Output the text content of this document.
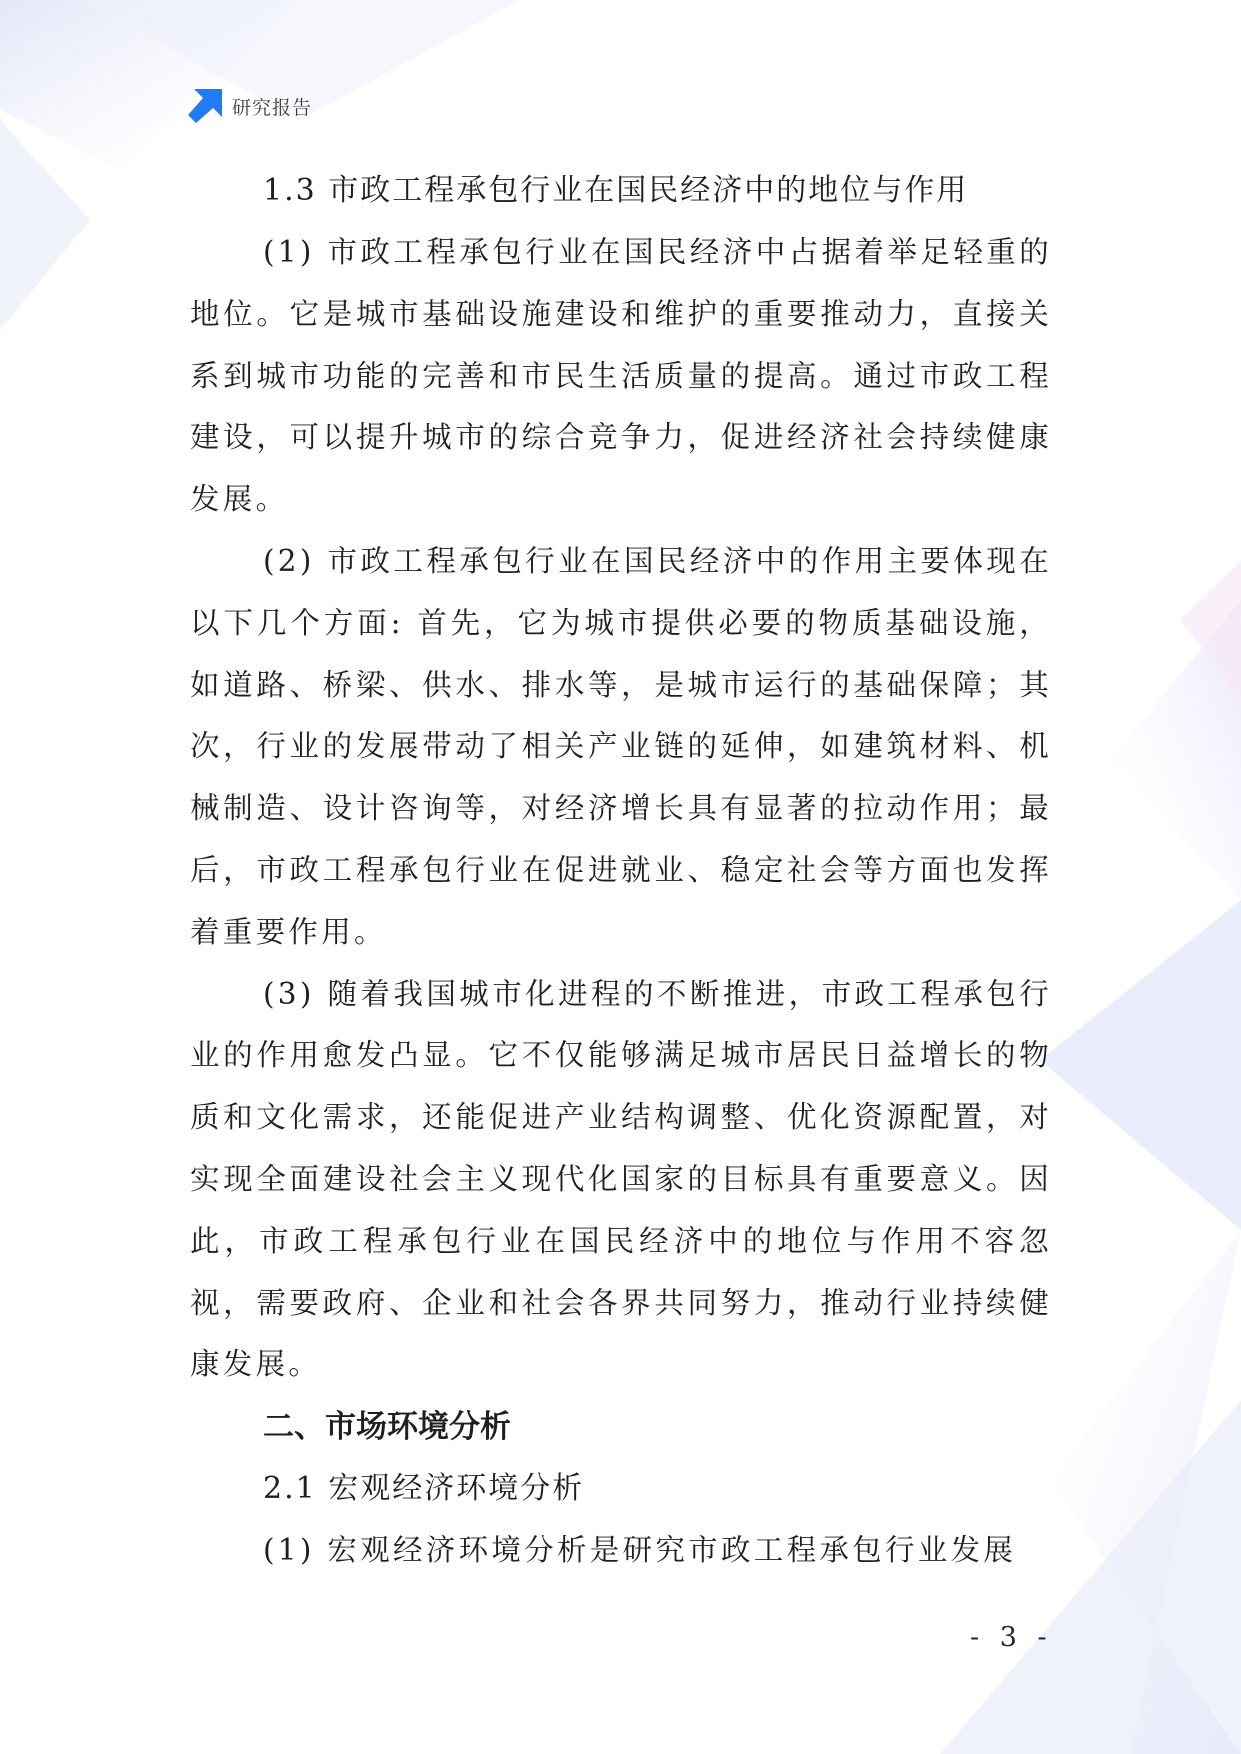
研究报告
1.3 市政工程承包行业在国民经济中的地位与作用

(1) 市政工程承包行业在国民经济中占据着举足轻重的地位。它是城市基础设施建设和维护的重要推动力，直接关系到城市功能的完善和市民生活质量的提高。通过市政工程建设，可以提升城市的综合竞争力，促进经济社会持续健康发展。

(2) 市政工程承包行业在国民经济中的作用主要体现在以下几个方面: 首先，它为城市提供必要的物质基础设施，如道路、桥梁、供水、排水等，是城市运行的基础保障；其次，行业的发展带动了相关产业链的延伸，如建筑材料、机械制造、设计咨询等，对经济增长具有显著的拉动作用；最后，市政工程承包行业在促进就业、稳定社会等方面也发挥着重要作用。

(3) 随着我国城市化进程的不断推进，市政工程承包行业的作用愈发凸显。它不仅能够满足城市居民日益增长的物质和文化需求，还能促进产业结构调整、优化资源配置，对实现全面建设社会主义现代化国家的目标具有重要意义。因此，市政工程承包行业在国民经济中的地位与作用不容忽视，需要政府、企业和社会各界共同努力，推动行业持续健康发展。

二、市场环境分析
2.1 宏观经济环境分析

(1) 宏观经济环境分析是研究市政工程承包行业发展

- 3 -
